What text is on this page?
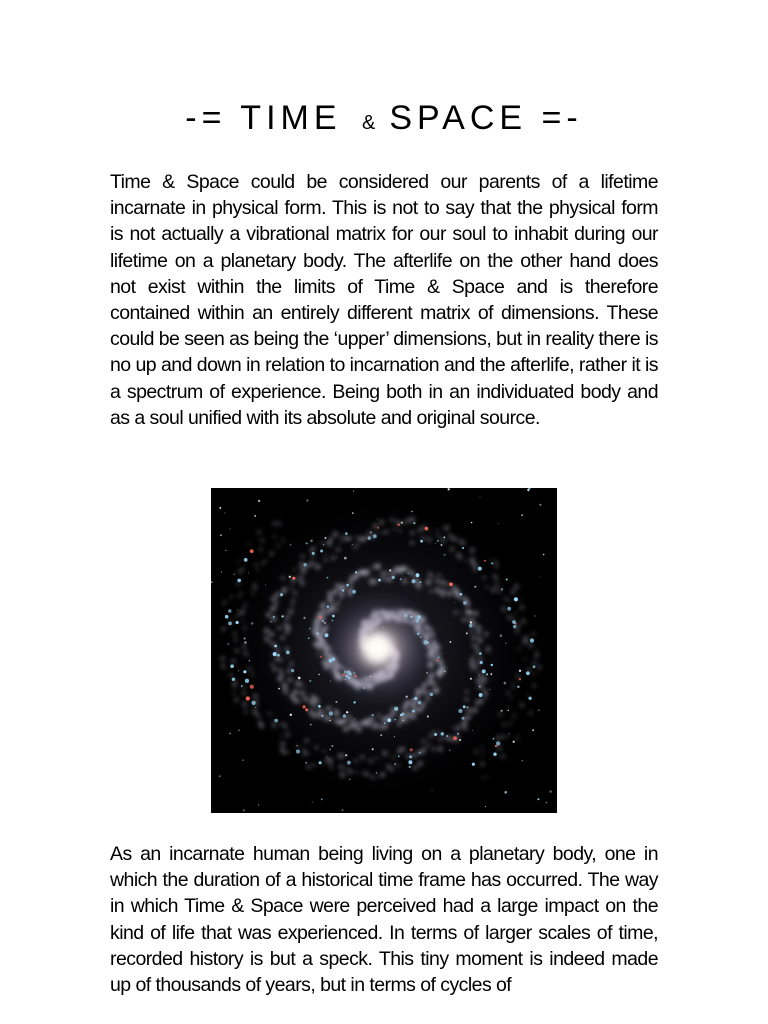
-= TIME & SPACE =-
Time & Space could be considered our parents of a lifetime incarnate in physical form. This is not to say that the physical form is not actually a vibrational matrix for our soul to inhabit during our lifetime on a planetary body. The afterlife on the other hand does not exist within the limits of Time & Space and is therefore contained within an entirely different matrix of dimensions. These could be seen as being the ‘upper’ dimensions, but in reality there is no up and down in relation to incarnation and the afterlife, rather it is a spectrum of experience. Being both in an individuated body and as a soul unified with its absolute and original source.
As an incarnate human being living on a planetary body, one in which the duration of a historical time frame has occurred. The way in which Time & Space were perceived had a large impact on the kind of life that was experienced. In terms of larger scales of time, recorded history is but a speck. This tiny moment is indeed made up of thousands of years, but in terms of cycles of
